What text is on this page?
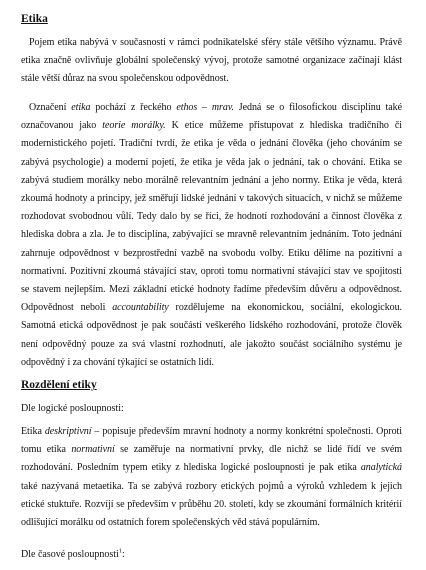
Etika
Pojem etika nabývá v současnosti v rámci podnikatelské sféry stále většího významu. Právě etika značně ovlivňuje globální společenský vývoj, protože samotné organizace začínají klást stále větší důraz na svou společenskou odpovědnost.
Označení etika pochází z řeckého ethos – mrav. Jedná se o filosofickou disciplínu také označovanou jako teorie morálky. K etice můžeme přistupovat z hlediska tradičního či modernistického pojetí. Tradiční tvrdí, že etika je věda o jednání člověka (jeho chováním se zabývá psychologie) a moderní pojetí, že etika je věda jak o jednání, tak o chování. Etika se zabývá studiem morálky nebo morálně relevantním jednání a jeho normy. Etika je věda, která zkoumá hodnoty a principy, jež směřují lidské jednání v takových situacích, v nichž se můžeme rozhodovat svobodnou vůlí. Tedy dalo by se říci, že hodnotí rozhodování a činnost člověka z hlediska dobra a zla. Je to disciplína, zabývající se mravně relevantním jednáním. Toto jednání zahrnuje odpovědnost v bezprostřední vazbě na svobodu volby. Etiku dělíme na pozitivní a normativní. Pozitivní zkoumá stávající stav, oproti tomu normativní stávající stav ve spojitosti se stavem nejlepším. Mezi základní etické hodnoty řadíme především důvěru a odpovědnost. Odpovědnost neboli accountability rozdělujeme na ekonomickou, sociální, ekologickou. Samotná etická odpovědnost je pak součástí veškerého lidského rozhodování, protože člověk není odpovědný pouze za svá vlastní rozhodnutí, ale jakožto součást sociálního systému je odpovědný i za chování týkající se ostatních lidí.
Rozdělení etiky
Dle logické posloupnosti:
Etika deskriptivní – popisuje především mravní hodnoty a normy konkrétní společnosti. Oproti tomu etika normativní se zaměřuje na normativní prvky, dle nichž se lidé řídí ve svém rozhodování. Posledním typem etiky z hlediska logické posloupnosti je pak etika analytická také nazývaná metaetika. Ta se zabývá rozbory etických pojmů a výroků vzhledem k jejich etické stuktuře. Rozvíjí se především v průběhu 20. století, kdy se zkoumání formálních kritérií odlišující morálku od ostatních forem společenských věd stává populárním.
Dle časové posloupnosti$^1$:
